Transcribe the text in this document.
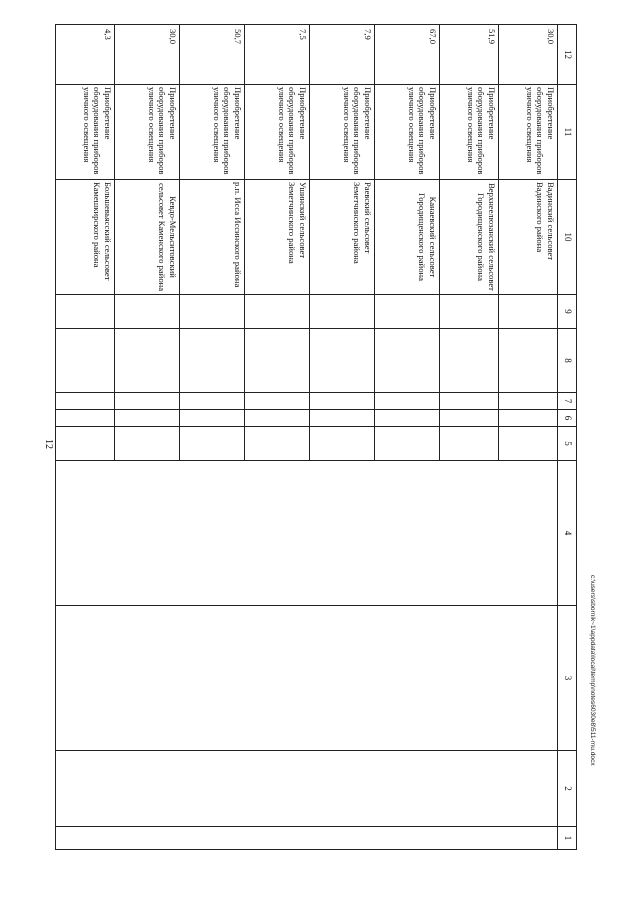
12
12	11	10	9	8	7	6	5	4	3	2	1
30,0	Приобретение оборудования приборов уличного освещения	Вадинский сельсовет Вадинского района									
51,9	Приобретение оборудования приборов уличного освещения	Верхнеелюзанский сельсовет Городищенского района									
67,0	Приобретение оборудования приборов уличного освещения	Канаевский сельсовет Городищенского района									
7,9	Приобретение оборудования приборов уличного освещения	Раевский сельсовет Земетчинского района									
7,5	Приобретение оборудования приборов уличного освещения	Ушинский сельсовет Земетчинского района									
50,7	Приобретение оборудования приборов уличного освещения	р.п. Исса Иссинского района									
30,0	Приобретение оборудования приборов уличного освещения	Кевдо-Мельситовский сельсовет Каменского района									
4,3	Приобретение оборудования приборов уличного освещения	Большевьясский сельсовет Камешкирского района									
c:\users\sbornik~1\appdata\local\temp\notes6030e8\511-mu.docx
